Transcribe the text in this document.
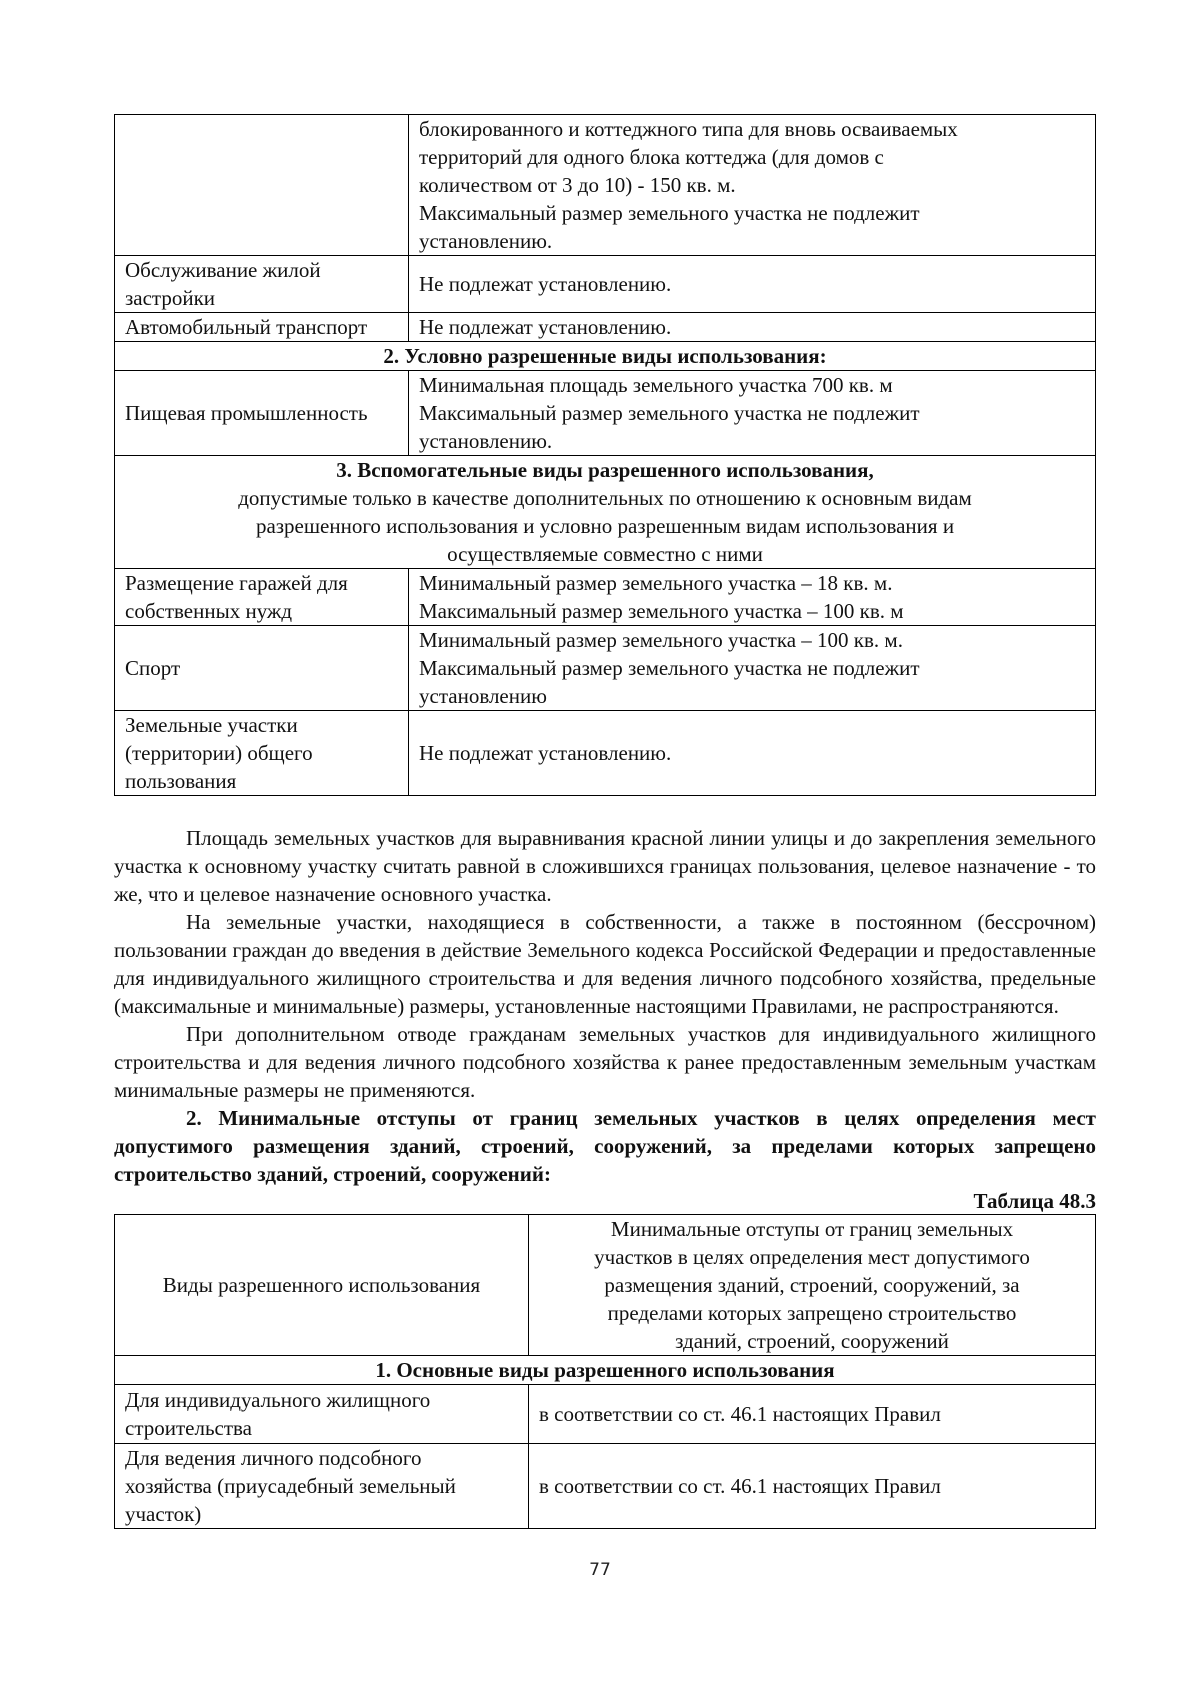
	блокированного и коттеджного типа для вновь осваиваемых
территорий для одного блока коттеджа (для домов с
количеством от 3 до 10) - 150 кв. м.
Максимальный размер земельного участка не подлежит
установлению.

Обслуживание жилой
застройки	Не подлежат установлению.
Автомобильный транспорт	Не подлежат установлению.
2. Условно разрешенные виды использования:	
Пищевая промышленность	Минимальная площадь земельного участка 700 кв. м
Максимальный размер земельного участка не подлежит
установлению.

3. Вспомогательные виды разрешенного использования,
допустимые только в качестве дополнительных по отношению к основным видам
разрешенного использования и условно разрешенным видам использования и
осуществляемые совместно с ними	

Размещение гаражей для
собственных нужд	Минимальный размер земельного участка – 18 кв. м.
Максимальный размер земельного участка – 100 кв. м

Спорт	Минимальный размер земельного участка – 100 кв. м.
Максимальный размер земельного участка не подлежит
установлению

Земельные участки
(территории) общего
пользования	Не подлежат установлению.

Площадь земельных участков для выравнивания красной линии улицы и до закрепления земельного участка к основному участку считать равной в сложившихся границах пользования, целевое назначение - то же, что и целевое назначение основного участка.

На земельные участки, находящиеся в собственности, а также в постоянном (бессрочном) пользовании граждан до введения в действие Земельного кодекса Российской Федерации и предоставленные для индивидуального жилищного строительства и для ведения личного подсобного хозяйства, предельные (максимальные и минимальные) размеры, установленные настоящими Правилами, не распространяются.

При дополнительном отводе гражданам земельных участков для индивидуального жилищного строительства и для ведения личного подсобного хозяйства к ранее предоставленным земельным участкам минимальные размеры не применяются.

2. Минимальные отступы от границ земельных участков в целях определения мест допустимого размещения зданий, строений, сооружений, за пределами которых запрещено строительство зданий, строений, сооружений:

Таблица 48.3

Виды разрешенного использования	Минимальные отступы от границ земельных
участков в целях определения мест допустимого
размещения зданий, строений, сооружений, за
пределами которых запрещено строительство
зданий, строений, сооружений

1. Основные виды разрешенного использования	

Для индивидуального жилищного
строительства	в соответствии со ст. 46.1 настоящих Правил

Для ведения личного подсобного
хозяйства (приусадебный земельный
участок)	в соответствии со ст. 46.1 настоящих Правил
77
